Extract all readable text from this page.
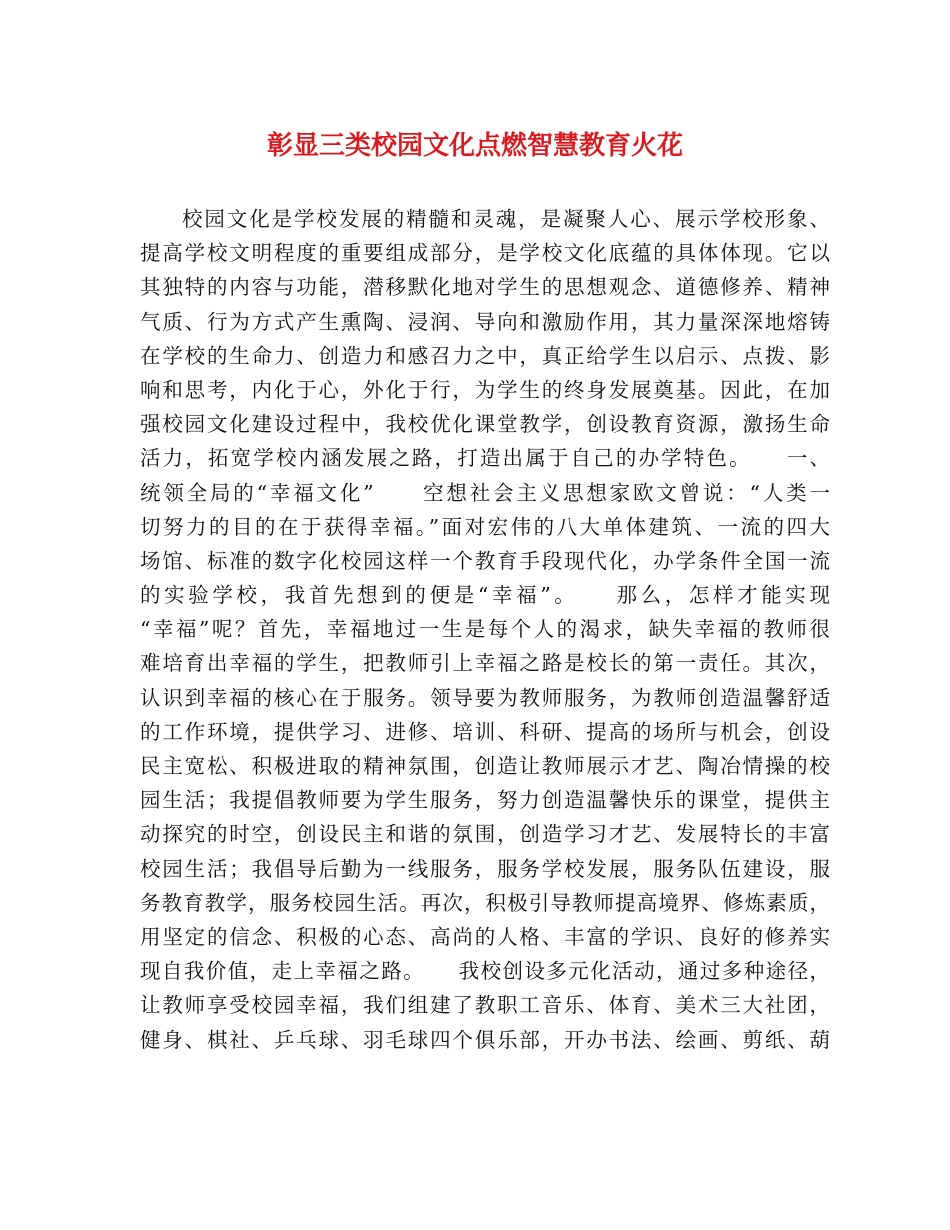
彰显三类校园文化点燃智慧教育火花
校园文化是学校发展的精髓和灵魂，是凝聚人心、展示学校形象、
提高学校文明程度的重要组成部分，是学校文化底蕴的具体体现。它以
其独特的内容与功能，潜移默化地对学生的思想观念、道德修养、精神
气质、行为方式产生熏陶、浸润、导向和激励作用，其力量深深地熔铸
在学校的生命力、创造力和感召力之中，真正给学生以启示、点拨、影
响和思考，内化于心，外化于行，为学生的终身发展奠基。因此，在加
强校园文化建设过程中，我校优化课堂教学，创设教育资源，激扬生命
活力，拓宽学校内涵发展之路，打造出属于自己的办学特色。　　一、
统领全局的“幸福文化”　　空想社会主义思想家欧文曾说：“人类一
切努力的目的在于获得幸福。”面对宏伟的八大单体建筑、一流的四大
场馆、标准的数字化校园这样一个教育手段现代化，办学条件全国一流
的实验学校，我首先想到的便是“幸福”。　　那么，怎样才能实现
“幸福”呢？首先，幸福地过一生是每个人的渴求，缺失幸福的教师很
难培育出幸福的学生，把教师引上幸福之路是校长的第一责任。其次，
认识到幸福的核心在于服务。领导要为教师服务，为教师创造温馨舒适
的工作环境，提供学习、进修、培训、科研、提高的场所与机会，创设
民主宽松、积极进取的精神氛围，创造让教师展示才艺、陶冶情操的校
园生活；我提倡教师要为学生服务，努力创造温馨快乐的课堂，提供主
动探究的时空，创设民主和谐的氛围，创造学习才艺、发展特长的丰富
校园生活；我倡导后勤为一线服务，服务学校发展，服务队伍建设，服
务教育教学，服务校园生活。再次，积极引导教师提高境界、修炼素质，
用坚定的信念、积极的心态、高尚的人格、丰富的学识、良好的修养实
现自我价值，走上幸福之路。　　我校创设多元化活动，通过多种途径，
让教师享受校园幸福，我们组建了教职工音乐、体育、美术三大社团，
健身、棋社、乒乓球、羽毛球四个俱乐部，开办书法、绘画、剪纸、葫
